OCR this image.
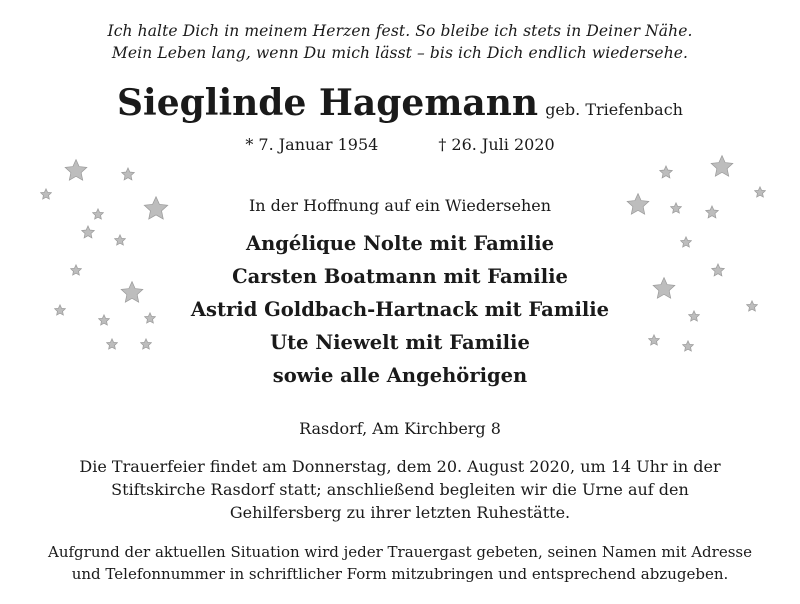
Ich halte Dich in meinem Herzen fest. So bleibe ich stets in Deiner Nähe.
Mein Leben lang, wenn Du mich lässt – bis ich Dich endlich wiedersehe.
Sieglinde Hagemann geb. Triefenbach
* 7. Januar 1954	† 26. Juli 2020
In der Hoffnung auf ein Wiedersehen
Angélique Nolte mit Familie
Carsten Boatmann mit Familie
Astrid Goldbach-Hartnack mit Familie
Ute Niewelt mit Familie
sowie alle Angehörigen
Rasdorf, Am Kirchberg 8
Die Trauerfeier findet am Donnerstag, dem 20. August 2020, um 14 Uhr in der
Stiftskirche Rasdorf statt; anschließend begleiten wir die Urne auf den
Gehilfersberg zu ihrer letzten Ruhestätte.
Aufgrund der aktuellen Situation wird jeder Trauergast gebeten, seinen Namen mit Adresse
und Telefonnummer in schriftlicher Form mitzubringen und entsprechend abzugeben.
